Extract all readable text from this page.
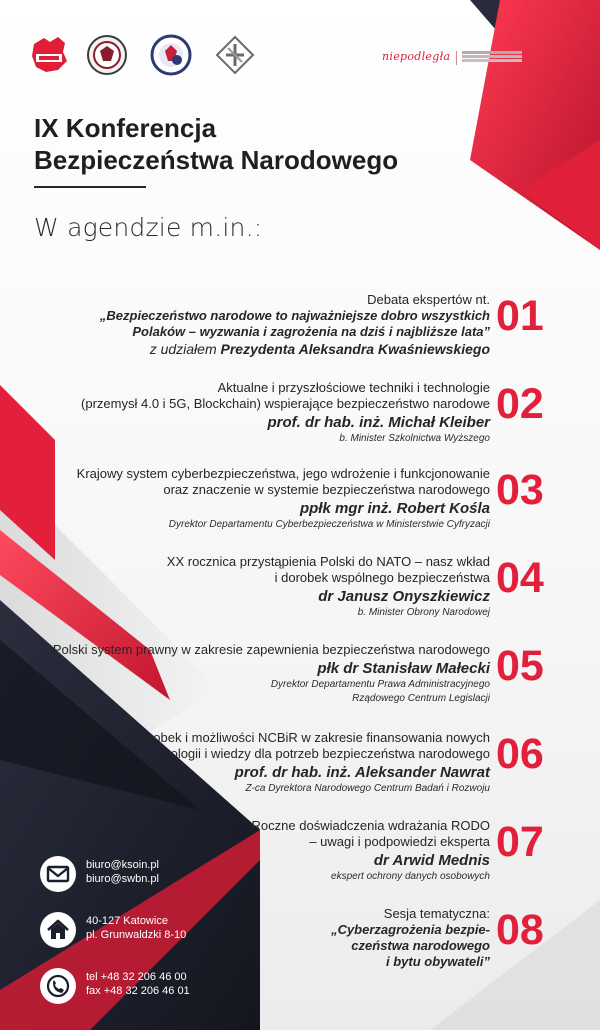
niepodległa
IX Konferencja
Bezpieczeństwa Narodowego
W agendzie m.in.:
Debata ekspertów nt.
„Bezpieczeństwo narodowe to najważniejsze dobro wszystkich
Polaków – wyzwania i zagrożenia na dziś i najbliższe lata”
z udziałem Prezydenta Aleksandra Kwaśniewskiego
01
Aktualne i przyszłościowe techniki i technologie
(przemysł 4.0 i 5G, Blockchain) wspierające bezpieczeństwo narodowe
prof. dr hab. inż. Michał Kleiber
b. Minister Szkolnictwa Wyższego
02
Krajowy system cyberbezpieczeństwa, jego wdrożenie i funkcjonowanie
oraz znaczenie w systemie bezpieczeństwa narodowego
ppłk mgr inż. Robert Kośla
Dyrektor Departamentu Cyberbezpieczeństwa w Ministerstwie Cyfryzacji
03
XX rocznica przystąpienia Polski do NATO – nasz wkład
i dorobek wspólnego bezpieczeństwa
dr Janusz Onyszkiewicz
b. Minister Obrony Narodowej
04
Polski system prawny w zakresie zapewnienia bezpieczeństwa narodowego
płk dr Stanisław Małecki
Dyrektor Departamentu Prawa Administracyjnego
Rządowego Centrum Legislacji
05
Dorobek i możliwości NCBiR w zakresie finansowania nowych
technologii i wiedzy dla potrzeb bezpieczeństwa narodowego
prof. dr hab. inż. Aleksander Nawrat
Z-ca Dyrektora Narodowego Centrum Badań i Rozwoju
06
Roczne doświadczenia wdrażania RODO
– uwagi i podpowiedzi eksperta
dr Arwid Mednis
ekspert ochrony danych osobowych
07
Sesja tematyczna:
„Cyberzagrożenia bezpie-
czeństwa narodowego
i bytu obywateli”
08
biuro@ksoin.pl
biuro@swbn.pl
40-127 Katowice
pl. Grunwaldzki 8-10
tel +48 32 206 46 00
fax +48 32 206 46 01
